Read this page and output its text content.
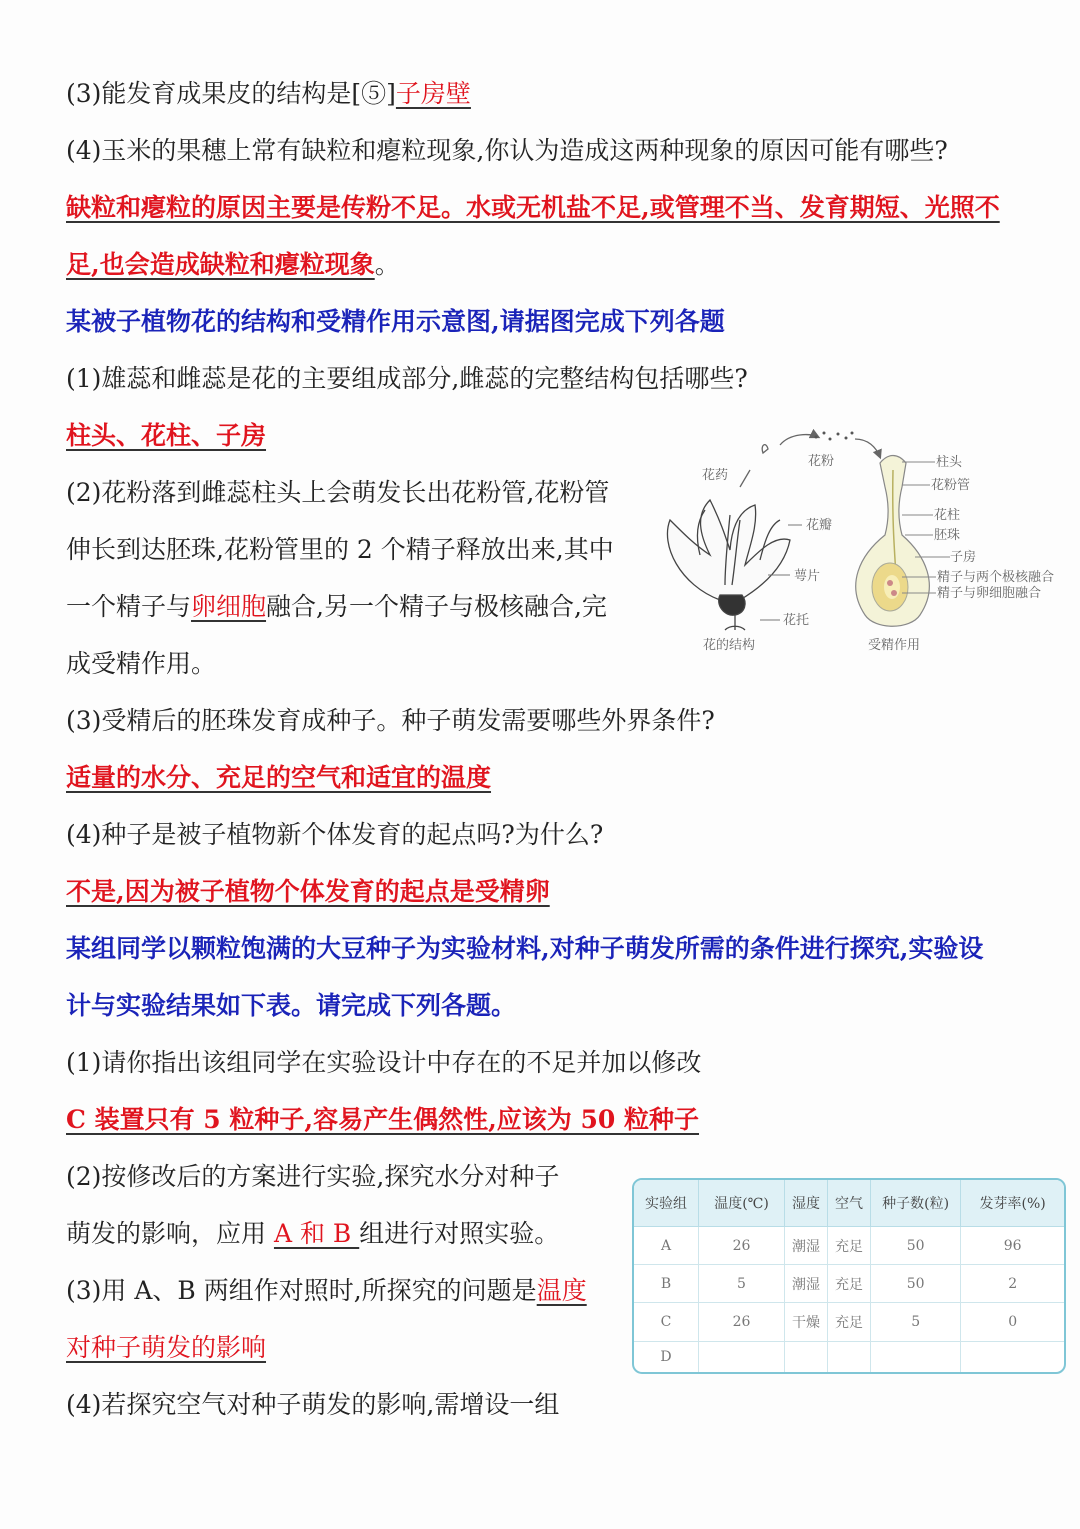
(3)能发育成果皮的结构是[⑤]子房壁
(4)玉米的果穗上常有缺粒和瘪粒现象,你认为造成这两种现象的原因可能有哪些?
缺粒和瘪粒的原因主要是传粉不足。水或无机盐不足,或管理不当、发育期短、光照不
足,也会造成缺粒和瘪粒现象。
某被子植物花的结构和受精作用示意图,请据图完成下列各题
(1)雄蕊和雌蕊是花的主要组成部分,雌蕊的完整结构包括哪些?
柱头、花柱、子房
(2)花粉落到雌蕊柱头上会萌发长出花粉管,花粉管
伸长到达胚珠,花粉管里的 2 个精子释放出来,其中
一个精子与卵细胞融合,另一个精子与极核融合,完
成受精作用。
(3)受精后的胚珠发育成种子。种子萌发需要哪些外界条件?
适量的水分、充足的空气和适宜的温度
(4)种子是被子植物新个体发育的起点吗?为什么?
不是,因为被子植物个体发育的起点是受精卵
花药
花粉
花瓣
萼片
花托
花的结构
柱头
花粉管
花柱
胚珠
子房
精子与两个极核融合
精子与卵细胞融合
受精作用
某组同学以颗粒饱满的大豆种子为实验材料,对种子萌发所需的条件进行探究,实验设
计与实验结果如下表。请完成下列各题。
(1)请你指出该组同学在实验设计中存在的不足并加以修改
C 装置只有 5 粒种子,容易产生偶然性,应该为 50 粒种子
(2)按修改后的方案进行实验,探究水分对种子
萌发的影响，应用 A 和 B 组进行对照实验。
(3)用 A、B 两组作对照时,所探究的问题是温度
对种子萌发的影响
(4)若探究空气对种子萌发的影响,需增设一组
实验组	温度(℃)	湿度	空气	种子数(粒)	发芽率(%)
A	26	潮湿	充足	50	96
B	5	潮湿	充足	50	2
C	26	干燥	充足	5	0
D					
